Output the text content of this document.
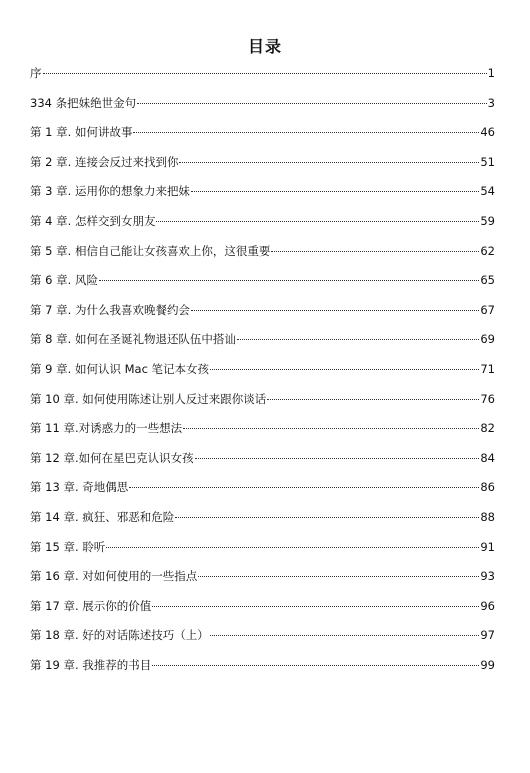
目录
序	1
334 条把妹绝世金句	3
第 1 章. 如何讲故事	46
第 2 章. 连接会反过来找到你	51
第 3 章. 运用你的想象力来把妹	54
第 4 章. 怎样交到女朋友	59
第 5 章. 相信自己能让女孩喜欢上你，这很重要	62
第 6 章. 风险	65
第 7 章. 为什么我喜欢晚餐约会	67
第 8 章. 如何在圣诞礼物退还队伍中搭讪	69
第 9 章. 如何认识 Mac 笔记本女孩	71
第 10 章. 如何使用陈述让别人反过来跟你谈话	76
第 11 章.对诱惑力的一些想法	82
第 12 章.如何在星巴克认识女孩	84
第 13 章. 奇地偶思	86
第 14 章. 疯狂、邪恶和危险	88
第 15 章. 聆听	91
第 16 章. 对如何使用的一些指点	93
第 17 章. 展示你的价值	96
第 18 章. 好的对话陈述技巧（上）	97
第 19 章. 我推荐的书目	99
